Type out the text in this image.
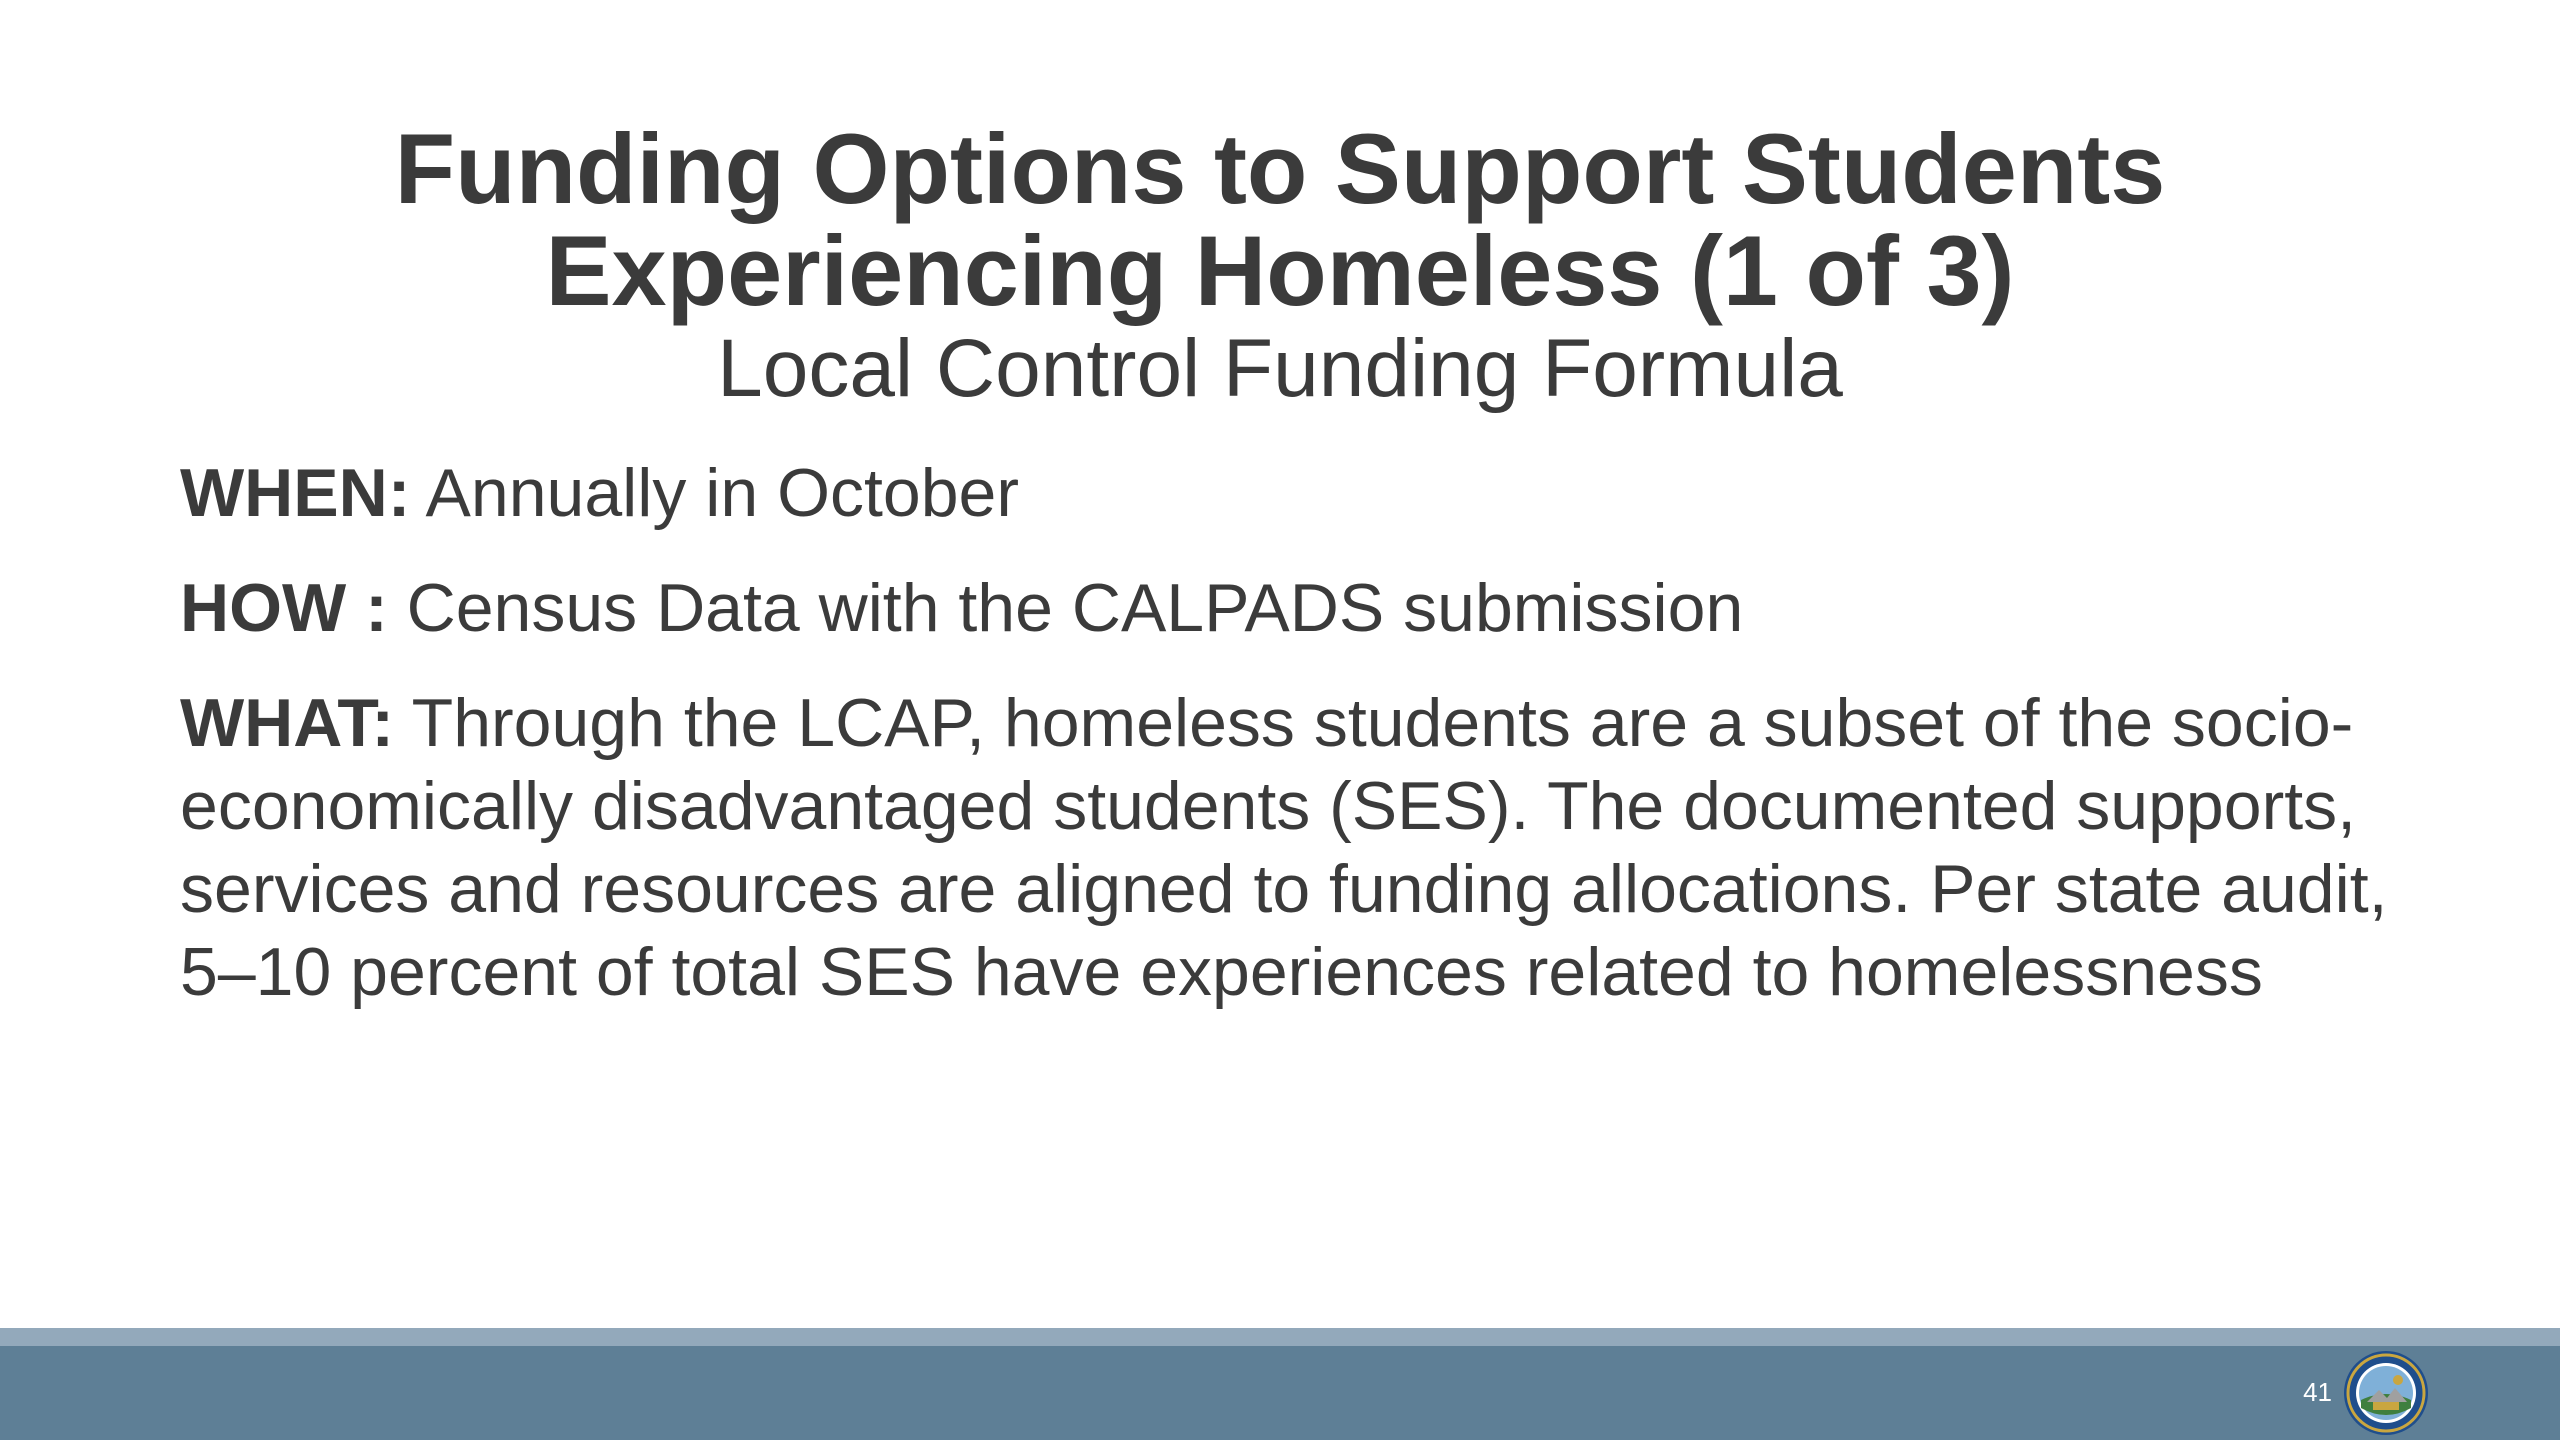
Funding Options to Support Students
Experiencing Homeless (1 of 3)
Local Control Funding Formula

WHEN: Annually in October

HOW : Census Data with the CALPADS submission

WHAT: Through the LCAP, homeless students are a subset of the socio-economically disadvantaged students (SES). The documented supports, services and resources are aligned to funding allocations. Per state audit, 5–10 percent of total SES have experiences related to homelessness

41
